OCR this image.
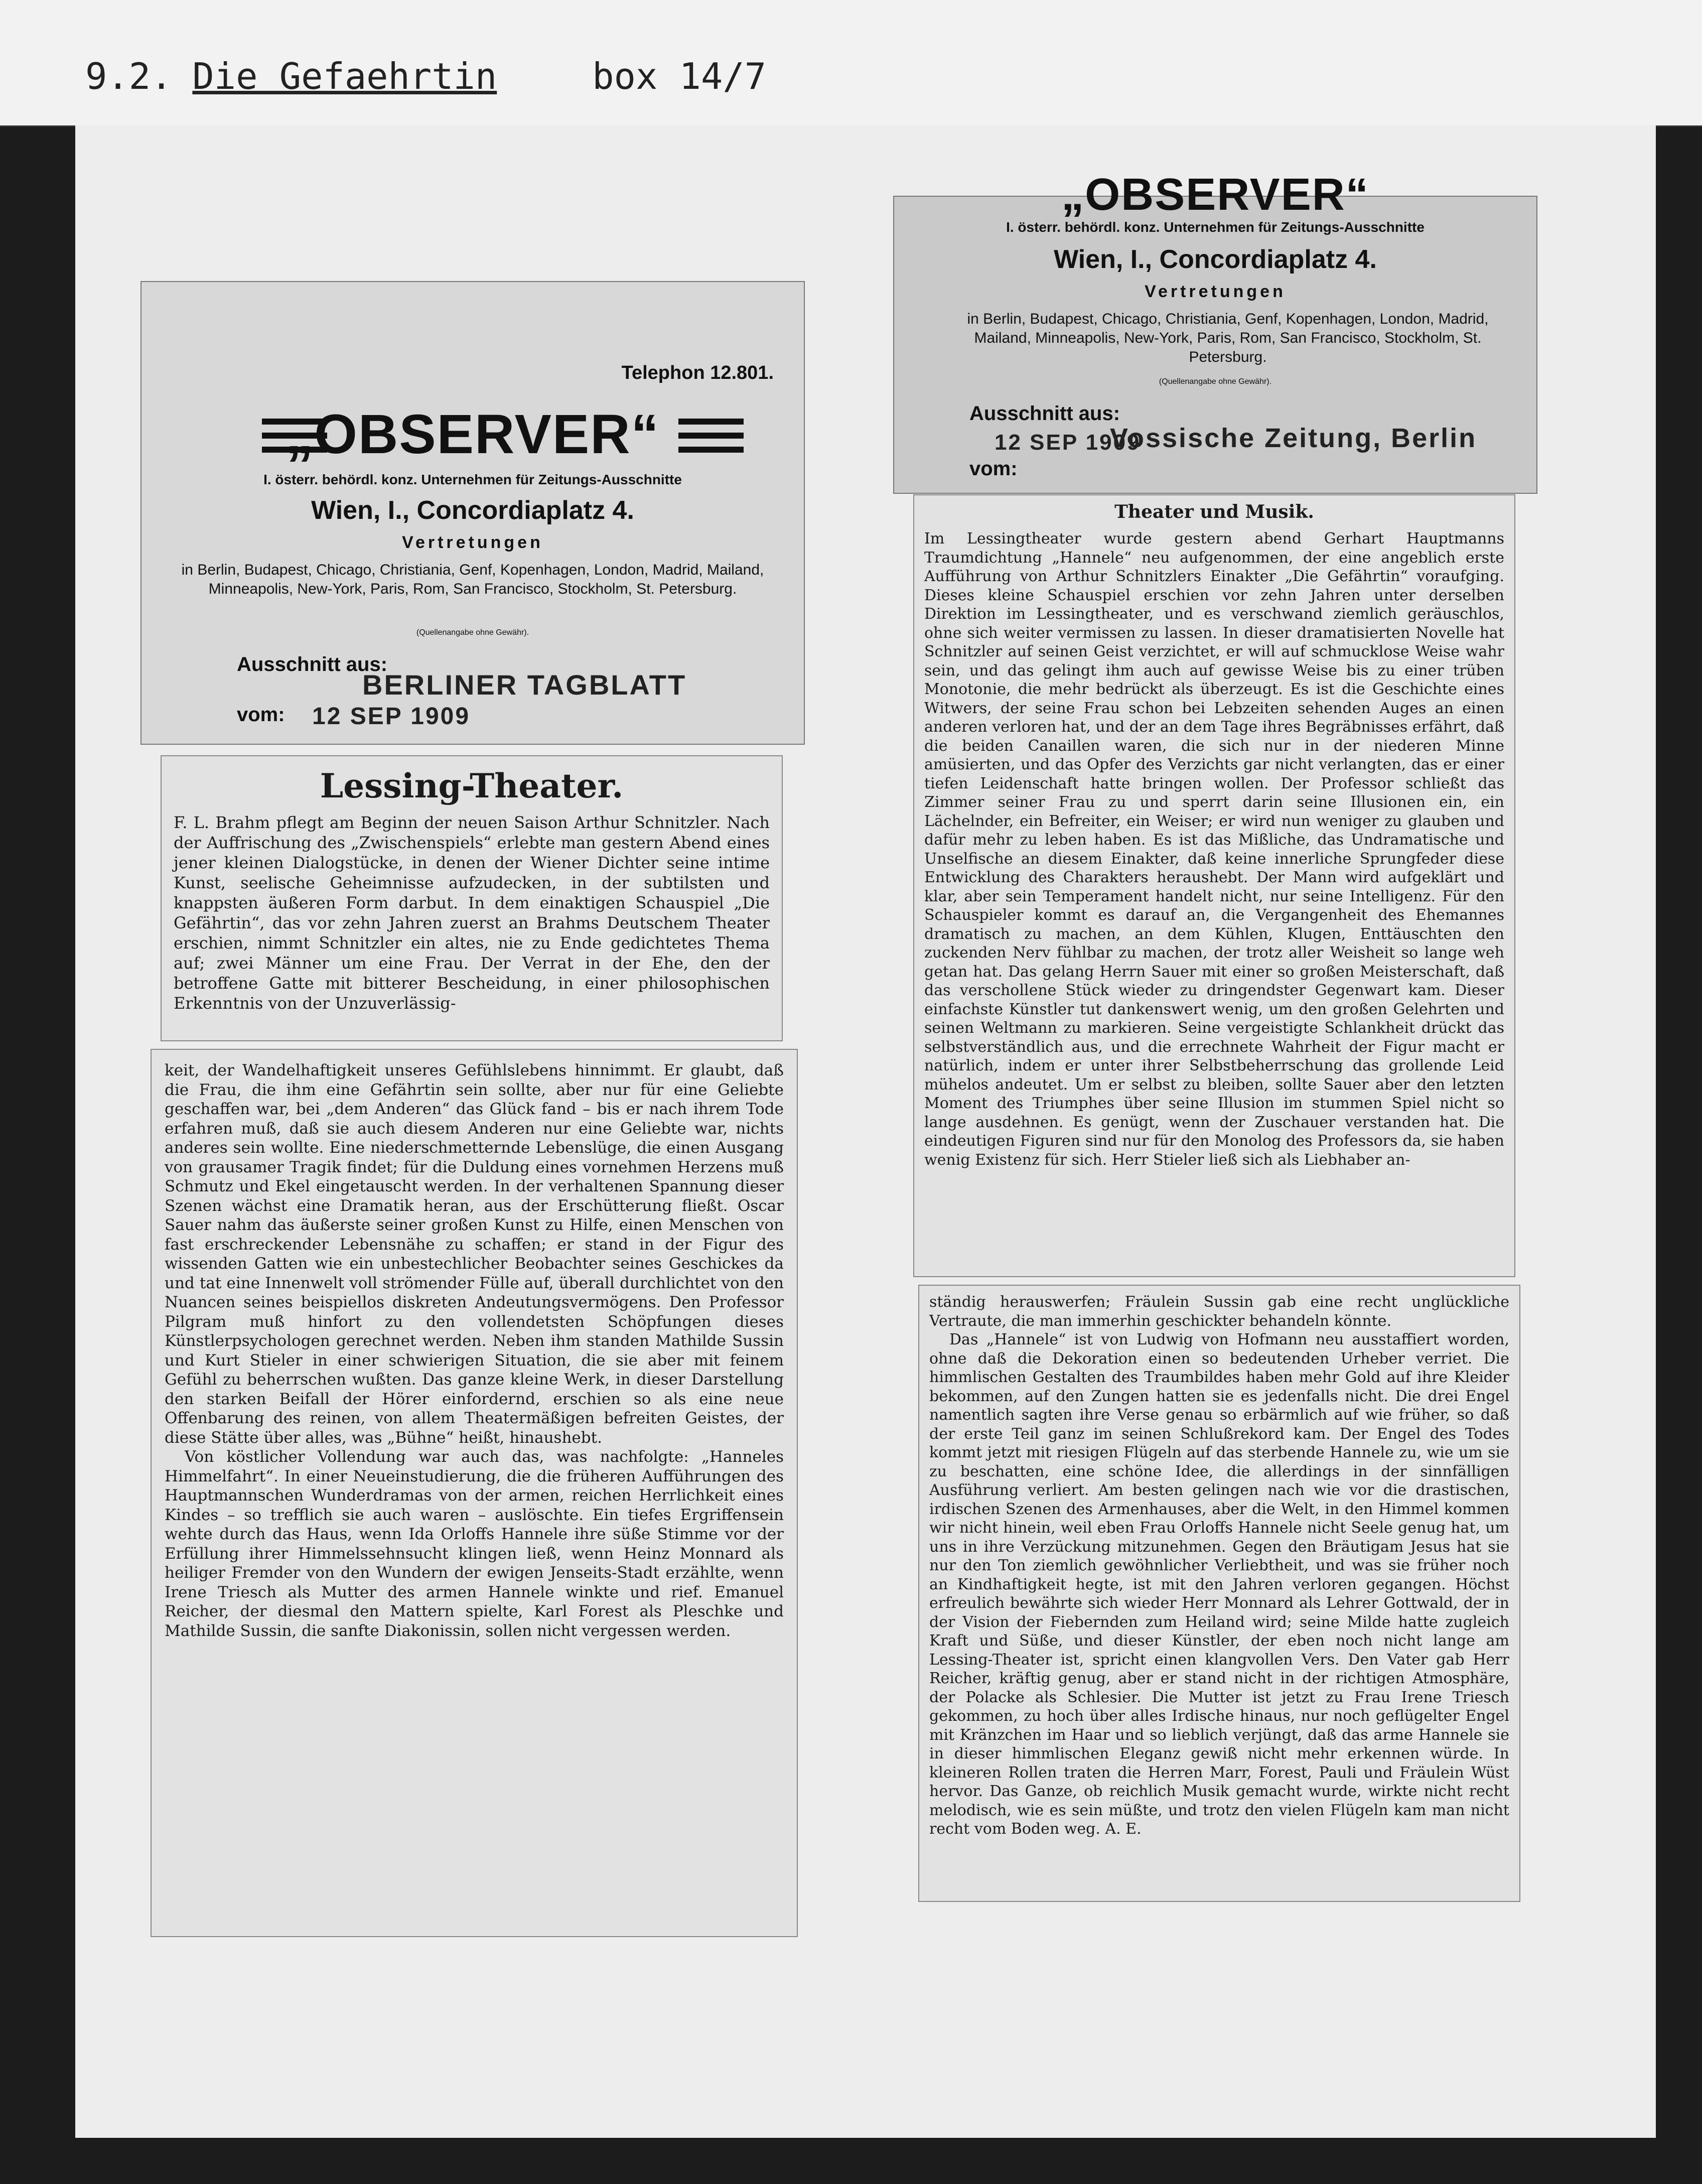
9.2. Die Gefaehrtin	box 14/7
Telephon 12.801.
„OBSERVER“
I. österr. behördl. konz. Unternehmen für Zeitungs-Ausschnitte
Wien, I., Concordiaplatz 4.
Vertretungen
in Berlin, Budapest, Chicago, Christiania, Genf, Kopenhagen, London, Madrid, Mailand, Minneapolis, New-York, Paris, Rom, San Francisco, Stockholm, St. Petersburg.
(Quellenangabe ohne Gewähr).
Ausschnitt aus:
BERLINER TAGBLATT
vom: 12 SEP 1909
Lessing-Theater.

F. L. Brahm pflegt am Beginn der neuen Saison Arthur Schnitzler. Nach der Auffrischung des „Zwischenspiels“ erlebte man gestern Abend eines jener kleinen Dialogstücke, in denen der Wiener Dichter seine intime Kunst, seelische Geheimnisse aufzudecken, in der subtilsten und knappsten äußeren Form darbut. In dem einaktigen Schauspiel „Die Gefährtin“, das vor zehn Jahren zuerst an Brahms Deutschem Theater erschien, nimmt Schnitzler ein altes, nie zu Ende gedichtetes Thema auf; zwei Männer um eine Frau. Der Verrat in der Ehe, den der betroffene Gatte mit bitterer Bescheidung, in einer philosophischen Erkenntnis von der Unzuverlässig-

keit, der Wandelhaftigkeit unseres Gefühlslebens hinnimmt. Er glaubt, daß die Frau, die ihm eine Gefährtin sein sollte, aber nur für eine Geliebte geschaffen war, bei „dem Anderen“ das Glück fand – bis er nach ihrem Tode erfahren muß, daß sie auch diesem Anderen nur eine Geliebte war, nichts anderes sein wollte. Eine niederschmetternde Lebenslüge, die einen Ausgang von grausamer Tragik findet; für die Duldung eines vornehmen Herzens muß Schmutz und Ekel eingetauscht werden. In der verhaltenen Spannung dieser Szenen wächst eine Dramatik heran, aus der Erschütterung fließt. Oscar Sauer nahm das äußerste seiner großen Kunst zu Hilfe, einen Menschen von fast erschreckender Lebensnähe zu schaffen; er stand in der Figur des wissenden Gatten wie ein unbestechlicher Beobachter seines Geschickes da und tat eine Innenwelt voll strömender Fülle auf, überall durchlichtet von den Nuancen seines beispiellos diskreten Andeutungsvermögens. Den Professor Pilgram muß hinfort zu den vollendetsten Schöpfungen dieses Künstlerpsychologen gerechnet werden. Neben ihm standen Mathilde Sussin und Kurt Stieler in einer schwierigen Situation, die sie aber mit feinem Gefühl zu beherrschen wußten. Das ganze kleine Werk, in dieser Darstellung den starken Beifall der Hörer einfordernd, erschien so als eine neue Offenbarung des reinen, von allem Theatermäßigen befreiten Geistes, der diese Stätte über alles, was „Bühne“ heißt, hinaushebt.

Von köstlicher Vollendung war auch das, was nachfolgte: „Hanneles Himmelfahrt“. In einer Neueinstudierung, die die früheren Aufführungen des Hauptmannschen Wunderdramas von der armen, reichen Herrlichkeit eines Kindes – so trefflich sie auch waren – auslöschte. Ein tiefes Ergriffensein wehte durch das Haus, wenn Ida Orloffs Hannele ihre süße Stimme vor der Erfüllung ihrer Himmelssehnsucht klingen ließ, wenn Heinz Monnard als heiliger Fremder von den Wundern der ewigen Jenseits-Stadt erzählte, wenn Irene Triesch als Mutter des armen Hannele winkte und rief. Emanuel Reicher, der diesmal den Mattern spielte, Karl Forest als Pleschke und Mathilde Sussin, die sanfte Diakonissin, sollen nicht vergessen werden.

„OBSERVER“
I. österr. behördl. konz. Unternehmen für Zeitungs-Ausschnitte
Wien, I., Concordiaplatz 4.
Vertretungen
in Berlin, Budapest, Chicago, Christiania, Genf, Kopenhagen, London, Madrid, Mailand, Minneapolis, New-York, Paris, Rom, San Francisco, Stockholm, St. Petersburg.
(Quellenangabe ohne Gewähr).
Ausschnitt aus:
Vossische Zeitung, Berlin
12 SEP 1909
vom:
Theater und Musik.

Im Lessingtheater wurde gestern abend Gerhart Hauptmanns Traumdichtung „Hannele“ neu aufgenommen, der eine angeblich erste Aufführung von Arthur Schnitzlers Einakter „Die Gefährtin“ voraufging. Dieses kleine Schauspiel erschien vor zehn Jahren unter derselben Direktion im Lessingtheater, und es verschwand ziemlich geräuschlos, ohne sich weiter vermissen zu lassen. In dieser dramatisierten Novelle hat Schnitzler auf seinen Geist verzichtet, er will auf schmucklose Weise wahr sein, und das gelingt ihm auch auf gewisse Weise bis zu einer trüben Monotonie, die mehr bedrückt als überzeugt. Es ist die Geschichte eines Witwers, der seine Frau schon bei Lebzeiten sehenden Auges an einen anderen verloren hat, und der an dem Tage ihres Begräbnisses erfährt, daß die beiden Canaillen waren, die sich nur in der niederen Minne amüsierten, und das Opfer des Verzichts gar nicht verlangten, das er einer tiefen Leidenschaft hatte bringen wollen. Der Professor schließt das Zimmer seiner Frau zu und sperrt darin seine Illusionen ein, ein Lächelnder, ein Befreiter, ein Weiser; er wird nun weniger zu glauben und dafür mehr zu leben haben. Es ist das Mißliche, das Undramatische und Unselfische an diesem Einakter, daß keine innerliche Sprungfeder diese Entwicklung des Charakters heraushebt. Der Mann wird aufgeklärt und klar, aber sein Temperament handelt nicht, nur seine Intelligenz. Für den Schauspieler kommt es darauf an, die Vergangenheit des Ehemannes dramatisch zu machen, an dem Kühlen, Klugen, Enttäuschten den zuckenden Nerv fühlbar zu machen, der trotz aller Weisheit so lange weh getan hat. Das gelang Herrn Sauer mit einer so großen Meisterschaft, daß das verschollene Stück wieder zu dringendster Gegenwart kam. Dieser einfachste Künstler tut dankenswert wenig, um den großen Gelehrten und seinen Weltmann zu markieren. Seine vergeistigte Schlankheit drückt das selbstverständlich aus, und die errechnete Wahrheit der Figur macht er natürlich, indem er unter ihrer Selbstbeherrschung das grollende Leid mühelos andeutet. Um er selbst zu bleiben, sollte Sauer aber den letzten Moment des Triumphes über seine Illusion im stummen Spiel nicht so lange ausdehnen. Es genügt, wenn der Zuschauer verstanden hat. Die eindeutigen Figuren sind nur für den Monolog des Professors da, sie haben wenig Existenz für sich. Herr Stieler ließ sich als Liebhaber an-

ständig herauswerfen; Fräulein Sussin gab eine recht unglückliche Vertraute, die man immerhin geschickter behandeln könnte.

Das „Hannele“ ist von Ludwig von Hofmann neu ausstaffiert worden, ohne daß die Dekoration einen so bedeutenden Urheber verriet. Die himmlischen Gestalten des Traumbildes haben mehr Gold auf ihre Kleider bekommen, auf den Zungen hatten sie es jedenfalls nicht. Die drei Engel namentlich sagten ihre Verse genau so erbärmlich auf wie früher, so daß der erste Teil ganz im seinen Schlußrekord kam. Der Engel des Todes kommt jetzt mit riesigen Flügeln auf das sterbende Hannele zu, wie um sie zu beschatten, eine schöne Idee, die allerdings in der sinnfälligen Ausführung verliert. Am besten gelingen nach wie vor die drastischen, irdischen Szenen des Armenhauses, aber die Welt, in den Himmel kommen wir nicht hinein, weil eben Frau Orloffs Hannele nicht Seele genug hat, um uns in ihre Verzückung mitzunehmen. Gegen den Bräutigam Jesus hat sie nur den Ton ziemlich gewöhnlicher Verliebtheit, und was sie früher noch an Kindhaftigkeit hegte, ist mit den Jahren verloren gegangen. Höchst erfreulich bewährte sich wieder Herr Monnard als Lehrer Gottwald, der in der Vision der Fiebernden zum Heiland wird; seine Milde hatte zugleich Kraft und Süße, und dieser Künstler, der eben noch nicht lange am Lessing-Theater ist, spricht einen klangvollen Vers. Den Vater gab Herr Reicher, kräftig genug, aber er stand nicht in der richtigen Atmosphäre, der Polacke als Schlesier. Die Mutter ist jetzt zu Frau Irene Triesch gekommen, zu hoch über alles Irdische hinaus, nur noch geflügelter Engel mit Kränzchen im Haar und so lieblich verjüngt, daß das arme Hannele sie in dieser himmlischen Eleganz gewiß nicht mehr erkennen würde. In kleineren Rollen traten die Herren Marr, Forest, Pauli und Fräulein Wüst hervor. Das Ganze, ob reichlich Musik gemacht wurde, wirkte nicht recht melodisch, wie es sein müßte, und trotz den vielen Flügeln kam man nicht recht vom Boden weg. A. E.
